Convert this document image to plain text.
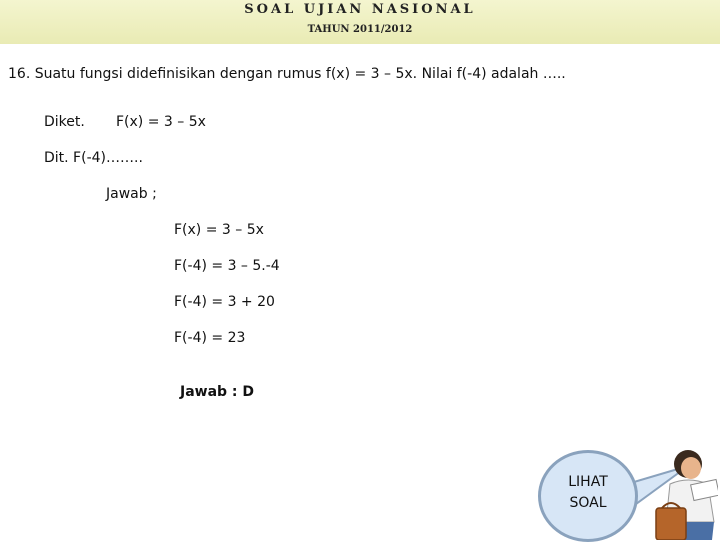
SOAL UJIAN NASIONAL
TAHUN 2011/2012
16. Suatu fungsi didefinisikan dengan rumus f(x) = 3 – 5x. Nilai f(-4) adalah …..
Diket. F(x) = 3 – 5x
Dit. F(-4)……..
Jawab ;
F(x) = 3 – 5x
F(-4) = 3 – 5.-4
F(-4) = 3 + 20
F(-4) = 23
Jawab : D
LIHAT
SOAL
